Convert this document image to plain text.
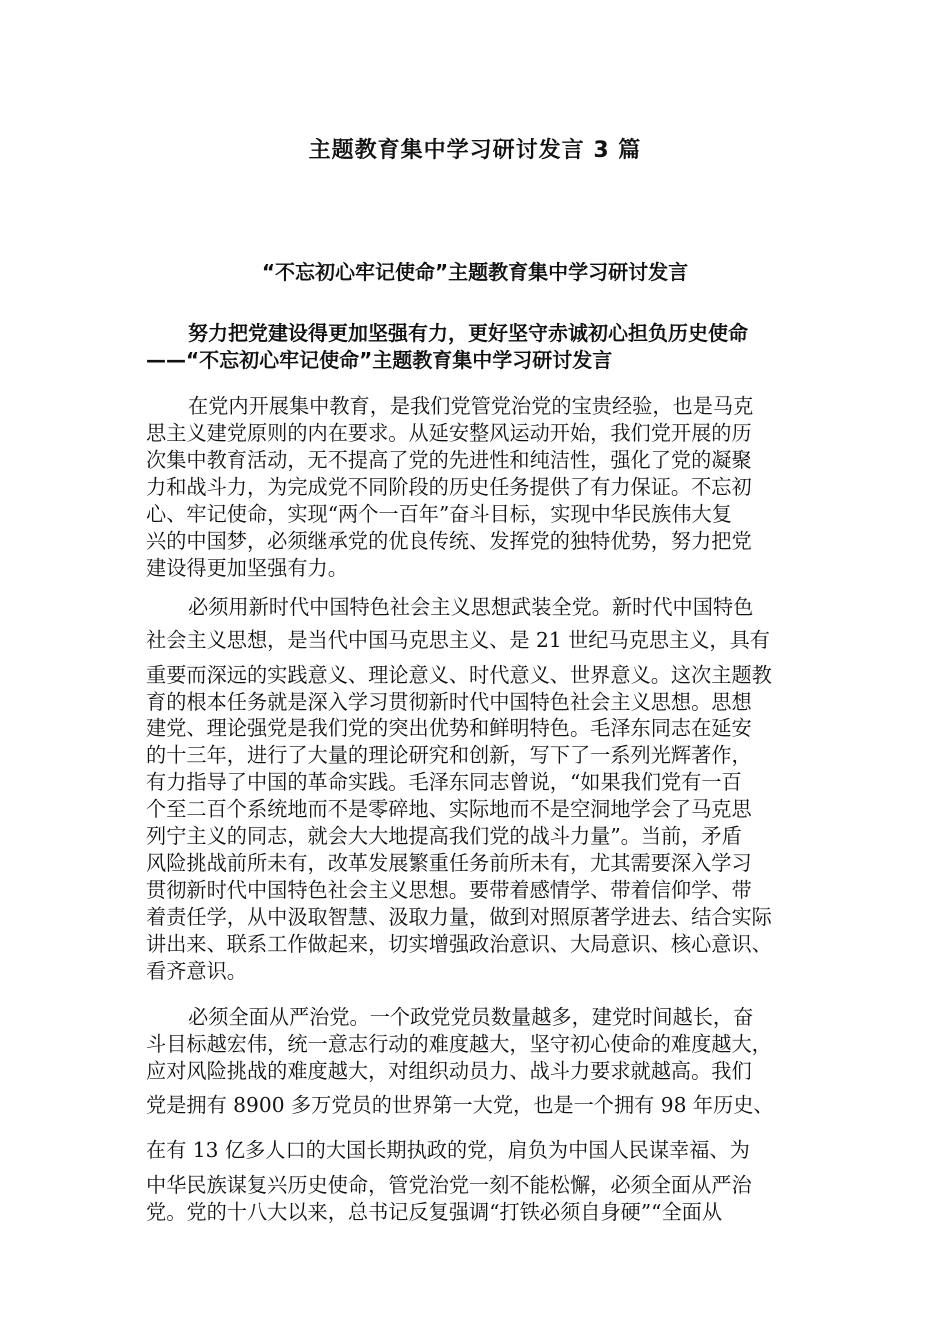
主题教育集中学习研讨发言 3 篇
“不忘初心牢记使命”主题教育集中学习研讨发言
努力把党建设得更加坚强有力，更好坚守赤诚初心担负历史使命
——“不忘初心牢记使命”主题教育集中学习研讨发言
在党内开展集中教育，是我们党管党治党的宝贵经验，也是马克
思主义建党原则的内在要求。从延安整风运动开始，我们党开展的历
次集中教育活动，无不提高了党的先进性和纯洁性，强化了党的凝聚
力和战斗力，为完成党不同阶段的历史任务提供了有力保证。不忘初
心、牢记使命，实现“两个一百年”奋斗目标，实现中华民族伟大复
兴的中国梦，必须继承党的优良传统、发挥党的独特优势，努力把党
建设得更加坚强有力。
必须用新时代中国特色社会主义思想武装全党。新时代中国特色
社会主义思想，是当代中国马克思主义、是 21 世纪马克思主义，具有
重要而深远的实践意义、理论意义、时代意义、世界意义。这次主题教
育的根本任务就是深入学习贯彻新时代中国特色社会主义思想。思想
建党、理论强党是我们党的突出优势和鲜明特色。毛泽东同志在延安
的十三年，进行了大量的理论研究和创新，写下了一系列光辉著作，
有力指导了中国的革命实践。毛泽东同志曾说，“如果我们党有一百
个至二百个系统地而不是零碎地、实际地而不是空洞地学会了马克思
列宁主义的同志，就会大大地提高我们党的战斗力量”。当前，矛盾
风险挑战前所未有，改革发展繁重任务前所未有，尤其需要深入学习
贯彻新时代中国特色社会主义思想。要带着感情学、带着信仰学、带
着责任学，从中汲取智慧、汲取力量，做到对照原著学进去、结合实际
讲出来、联系工作做起来，切实增强政治意识、大局意识、核心意识、
看齐意识。
必须全面从严治党。一个政党党员数量越多，建党时间越长，奋
斗目标越宏伟，统一意志行动的难度越大，坚守初心使命的难度越大，
应对风险挑战的难度越大，对组织动员力、战斗力要求就越高。我们
党是拥有 8900 多万党员的世界第一大党，也是一个拥有 98 年历史、
在有 13 亿多人口的大国长期执政的党，肩负为中国人民谋幸福、为
中华民族谋复兴历史使命，管党治党一刻不能松懈，必须全面从严治
党。党的十八大以来，总书记反复强调“打铁必须自身硬”“全面从
